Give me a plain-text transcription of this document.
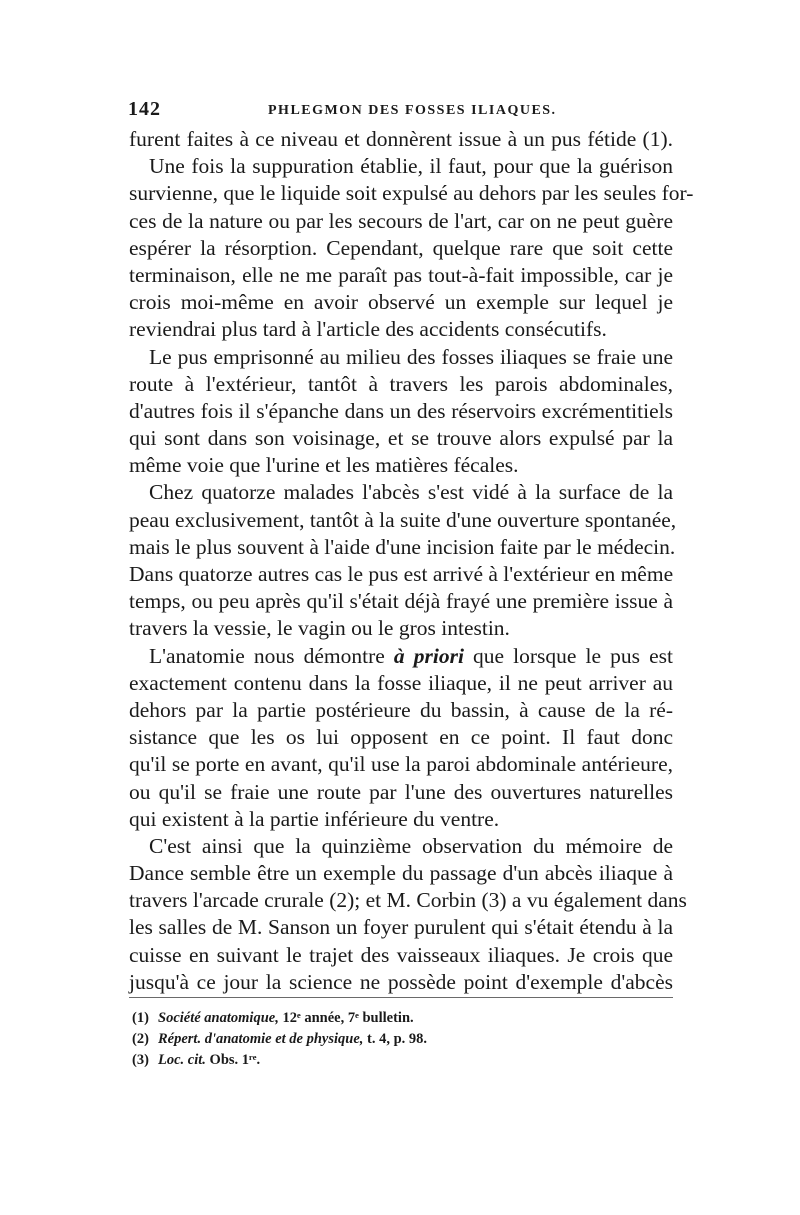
142	PHLEGMON DES FOSSES ILIAQUES.
furent faites à ce niveau et donnèrent issue à un pus fétide (1).
Une fois la suppuration établie, il faut, pour que la guérison
survienne, que le liquide soit expulsé au dehors par les seules for-
ces de la nature ou par les secours de l'art, car on ne peut guère
espérer la résorption. Cependant, quelque rare que soit cette
terminaison, elle ne me paraît pas tout-à-fait impossible, car je
crois moi-même en avoir observé un exemple sur lequel je
reviendrai plus tard à l'article des accidents consécutifs.
Le pus emprisonné au milieu des fosses iliaques se fraie une
route à l'extérieur, tantôt à travers les parois abdominales,
d'autres fois il s'épanche dans un des réservoirs excrémentitiels
qui sont dans son voisinage, et se trouve alors expulsé par la
même voie que l'urine et les matières fécales.
Chez quatorze malades l'abcès s'est vidé à la surface de la
peau exclusivement, tantôt à la suite d'une ouverture spontanée,
mais le plus souvent à l'aide d'une incision faite par le médecin.
Dans quatorze autres cas le pus est arrivé à l'extérieur en même
temps, ou peu après qu'il s'était déjà frayé une première issue à
travers la vessie, le vagin ou le gros intestin.
L'anatomie nous démontre à priori que lorsque le pus est
exactement contenu dans la fosse iliaque, il ne peut arriver au
dehors par la partie postérieure du bassin, à cause de la ré-
sistance que les os lui opposent en ce point. Il faut donc
qu'il se porte en avant, qu'il use la paroi abdominale antérieure,
ou qu'il se fraie une route par l'une des ouvertures naturelles
qui existent à la partie inférieure du ventre.
C'est ainsi que la quinzième observation du mémoire de
Dance semble être un exemple du passage d'un abcès iliaque à
travers l'arcade crurale (2); et M. Corbin (3) a vu également dans
les salles de M. Sanson un foyer purulent qui s'était étendu à la
cuisse en suivant le trajet des vaisseaux iliaques. Je crois que
jusqu'à ce jour la science ne possède point d'exemple d'abcès
(1) Société anatomique, 12ᵉ année, 7ᵉ bulletin.
(2) Répert. d'anatomie et de physique, t. 4, p. 98.
(3) Loc. cit. Obs. 1ʳᵉ.
